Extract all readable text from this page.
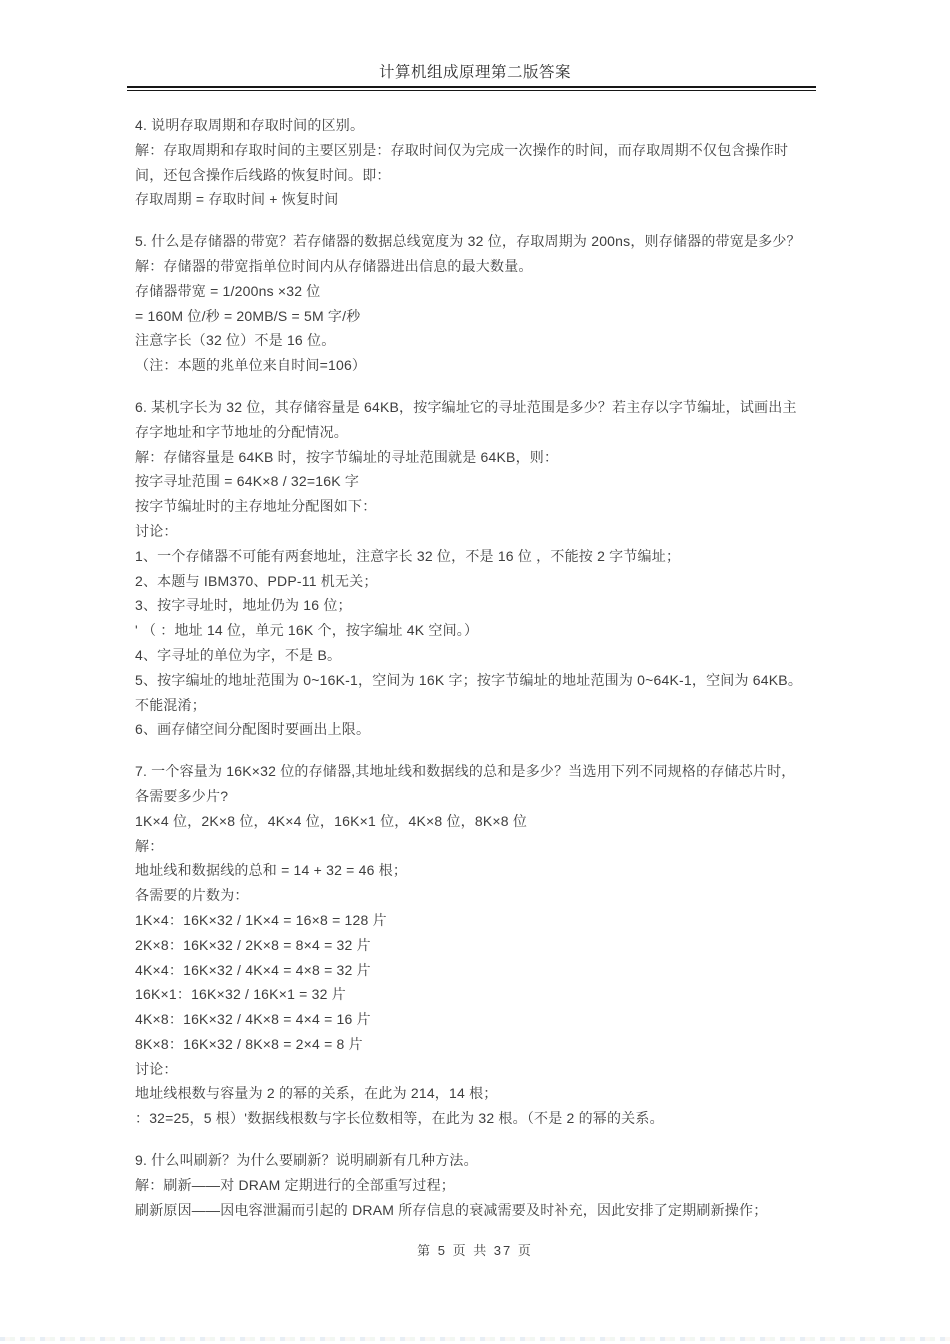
计算机组成原理第二版答案
4. 说明存取周期和存取时间的区别。
解：存取周期和存取时间的主要区别是：存取时间仅为完成一次操作的时间，而存取周期不仅包含操作时
间，还包含操作后线路的恢复时间。即：
存取周期 = 存取时间 + 恢复时间
5. 什么是存储器的带宽？若存储器的数据总线宽度为 32 位，存取周期为 200ns，则存储器的带宽是多少？
解：存储器的带宽指单位时间内从存储器进出信息的最大数量。
存储器带宽 = 1/200ns ×32 位
= 160M 位/秒 = 20MB/S = 5M 字/秒
注意字长（32 位）不是 16 位。
（注：本题的兆单位来自时间=106）
6. 某机字长为 32 位，其存储容量是 64KB，按字编址它的寻址范围是多少？若主存以字节编址，试画出主
存字地址和字节地址的分配情况。
解：存储容量是 64KB 时，按字节编址的寻址范围就是 64KB，则：
按字寻址范围 = 64K×8 / 32=16K 字
按字节编址时的主存地址分配图如下：
讨论：
1、一个存储器不可能有两套地址，注意字长 32 位，不是 16 位 ，不能按 2 字节编址；
2、本题与 IBM370、PDP-11 机无关；
3、按字寻址时，地址仍为 16 位；
' （ ：地址 14 位，单元 16K 个，按字编址 4K 空间。）
4、字寻址的单位为字，不是 B。
5、按字编址的地址范围为 0~16K-1，空间为 16K 字；按字节编址的地址范围为 0~64K-1，空间为 64KB。
不能混淆；
6、画存储空间分配图时要画出上限。
7. 一个容量为 16K×32 位的存储器,其地址线和数据线的总和是多少？当选用下列不同规格的存储芯片时，
各需要多少片?
1K×4 位，2K×8 位，4K×4 位，16K×1 位，4K×8 位，8K×8 位
解：
地址线和数据线的总和 = 14 + 32 = 46 根；
各需要的片数为：
1K×4：16K×32 / 1K×4 = 16×8 = 128 片
2K×8：16K×32 / 2K×8 = 8×4 = 32 片
4K×4：16K×32 / 4K×4 = 4×8 = 32 片
16K×1：16K×32 / 16K×1 = 32 片
4K×8：16K×32 / 4K×8 = 4×4 = 16 片
8K×8：16K×32 / 8K×8 = 2×4 = 8 片
讨论：
地址线根数与容量为 2 的幂的关系，在此为 214，14 根；
：32=25，5 根）'数据线根数与字长位数相等，在此为 32 根。（不是 2 的幂的关系。
9. 什么叫刷新？为什么要刷新？说明刷新有几种方法。
解：刷新——对 DRAM 定期进行的全部重写过程；
刷新原因——因电容泄漏而引起的 DRAM 所存信息的衰减需要及时补充，因此安排了定期刷新操作；
第 5 页 共 37 页
